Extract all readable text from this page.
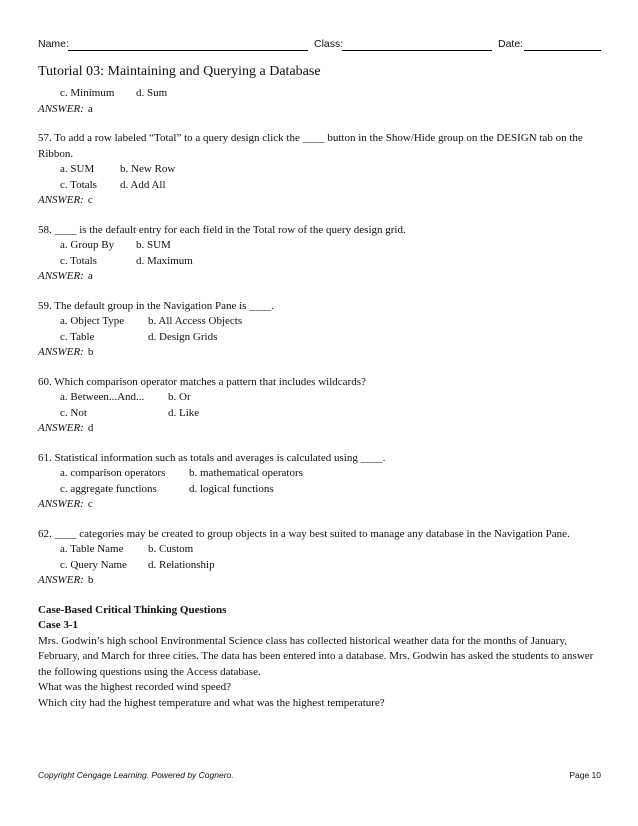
Name:	Class:	Date:
Tutorial 03: Maintaining and Querying a Database
c. Minimum d. Sum
ANSWER: a

57. To add a row labeled “Total” to a query design click the ____ button in the Show/Hide group on the DESIGN tab on the Ribbon.

a. SUM b. New Row
c. Totals d. Add All
ANSWER: c

58. ____ is the default entry for each field in the Total row of the query design grid.

a. Group By b. SUM
c. Totals	d. Maximum
ANSWER: a

59. The default group in the Navigation Pane is ____.

a. Object Type b. All Access Objects
c. Table	d. Design Grids
ANSWER: b

60. Which comparison operator matches a pattern that includes wildcards?

a. Between...And... b. Or
c. Not	d. Like
ANSWER: d

61. Statistical information such as totals and averages is calculated using ____.

a. comparison operators b. mathematical operators
c. aggregate functions	d. logical functions
ANSWER: c

62. ____ categories may be created to group objects in a way best suited to manage any database in the Navigation Pane.

a. Table Name b. Custom
c. Query Name d. Relationship
ANSWER: b
Case-Based Critical Thinking Questions
Case 3-1
Mrs. Godwin’s high school Environmental Science class has collected historical weather data for the months of January, February, and March for three cities. The data has been entered into a database. Mrs. Godwin has asked the students to answer the following questions using the Access database.
What was the highest recorded wind speed?
Which city had the highest temperature and what was the highest temperature?
Copyright Cengage Learning. Powered by Cognero.	Page 10
